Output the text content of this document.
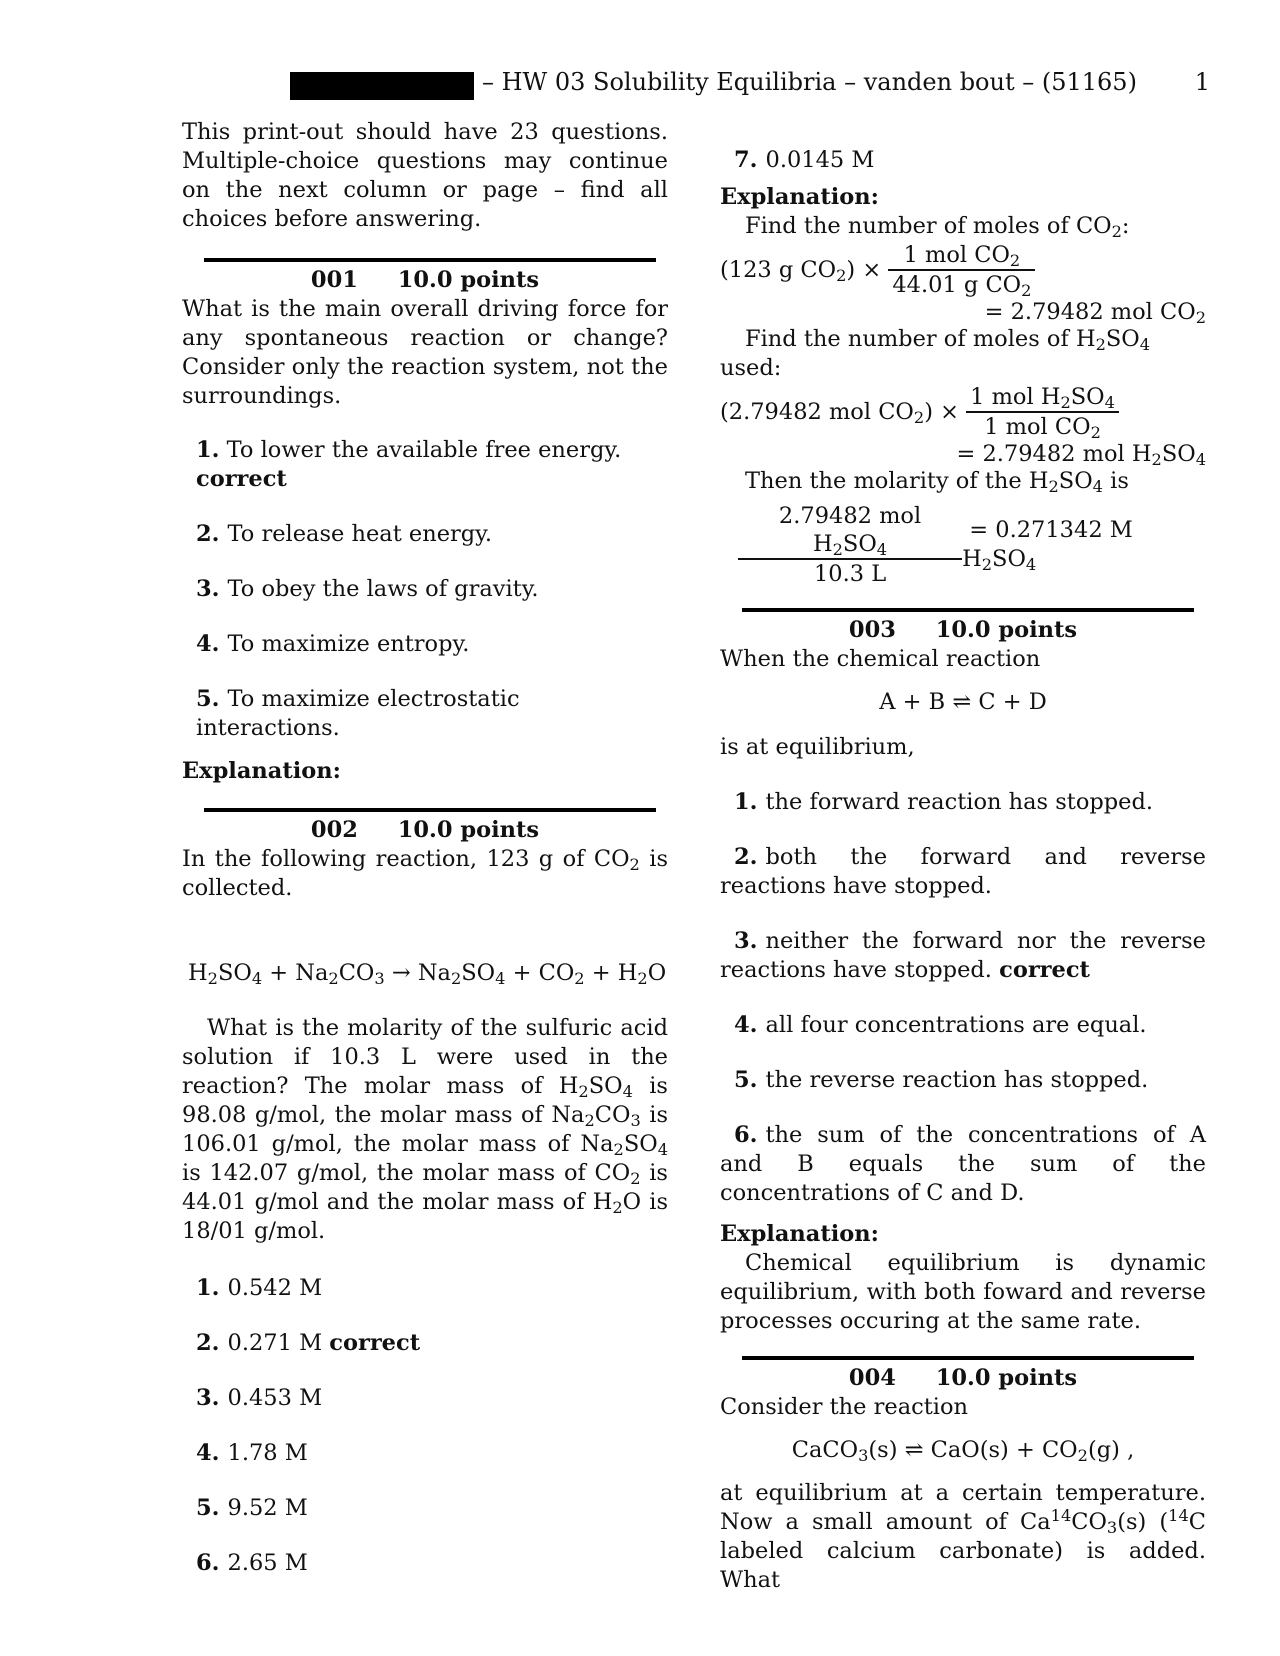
– HW 03 Solubility Equilibria – vanden bout – (51165) 1

This print-out should have 23 questions. Multiple-choice questions may continue on the next column or page – find all choices before answering.

001 10.0 points

What is the main overall driving force for any spontaneous reaction or change? Consider only the reaction system, not the surroundings.

1. To lower the available free energy. correct
2. To release heat energy.
3. To obey the laws of gravity.
4. To maximize entropy.
5. To maximize electrostatic interactions.

Explanation:

002 10.0 points

In the following reaction, 123 g of $CO_2$ is collected.

$H_2SO_4 + Na_2CO_3 \to Na_2SO_4 + CO_2 + H_2O$

What is the molarity of the sulfuric acid solution if 10.3 L were used in the reaction? The molar mass of $H_2SO_4$ is 98.08 g/mol, the molar mass of $Na_2CO_3$ is 106.01 g/mol, the molar mass of $Na_2SO_4$ is 142.07 g/mol, the molar mass of $CO_2$ is 44.01 g/mol and the molar mass of $H_2O$ is 18/01 g/mol.

1. 0.542 M
2. 0.271 M correct
3. 0.453 M
4. 1.78 M
5. 9.52 M
6. 2.65 M
7. 0.0145 M

Explanation:

Find the number of moles of $CO_2$:

(123 g $CO_2) \times \frac{1 mol CO_2}{44.01 g CO_2}$

= 2.79482 mol $CO_2$

Find the number of moles of $H_2SO_4$ used:

(2.79482 mol $CO_2) \times \frac{1 mol H_2SO_4}{1 mol CO_2}$

= 2.79482 mol $H_2SO_4$

Then the molarity of the $H_2SO_4$ is

$\frac{2.79482 mol H_2SO_4}{10.3 L} = 0.271342$ M $H_2SO_4$
003 10.0 points

When the chemical reaction

A + B ⇌ C + D

is at equilibrium,

1. the forward reaction has stopped.
2. both the forward and reverse reactions have stopped.
3. neither the forward nor the reverse reactions have stopped. correct
4. all four concentrations are equal.
5. the reverse reaction has stopped.
6. the sum of the concentrations of A and B equals the sum of the concentrations of C and D.

Explanation:

Chemical equilibrium is dynamic equilibrium, with both foward and reverse processes occuring at the same rate.

004 10.0 points

Consider the reaction

CaCO$_3$(s) ⇌ $CaO(s) + CO_2(g)$ ,

at equilibrium at a certain temperature. Now a small amount of $Ca^{14}CO_3(s)$ ($^{14}$C labeled calcium carbonate) is added. What
